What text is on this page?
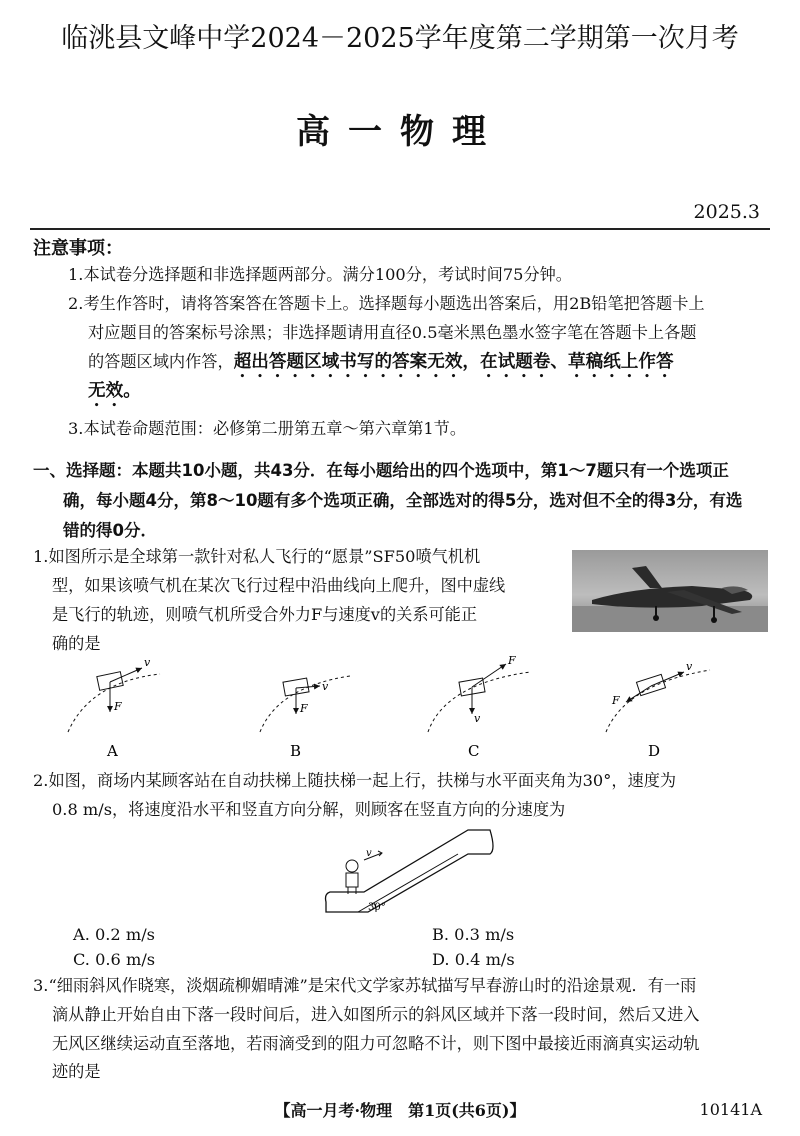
临洮县文峰中学2024－2025学年度第二学期第一次月考
高一物理
2025.3
注意事项：
1.本试卷分选择题和非选择题两部分。满分100分，考试时间75分钟。
2.考生作答时，请将答案答在答题卡上。选择题每小题选出答案后，用2B铅笔把答题卡上
对应题目的答案标号涂黑；非选择题请用直径0.5毫米黑色墨水签字笔在答题卡上各题
的答题区域内作答，超出答题区域书写的答案无效，在试题卷、草稿纸上作答
无效。
3.本试卷命题范围：必修第二册第五章～第六章第1节。
一、选择题：本题共10小题，共43分．在每小题给出的四个选项中，第1～7题只有一个选项正
确，每小题4分，第8～10题有多个选项正确，全部选对的得5分，选对但不全的得3分，有选
错的得0分．
1.如图所示是全球第一款针对私人飞行的“愿景”SF50喷气机机
型，如果该喷气机在某次飞行过程中沿曲线向上爬升，图中虚线
是飞行的轨迹，则喷气机所受合外力F与速度v的关系可能正
确的是
v
F
v
F
F
v
v
F
A	B	C	D
2.如图，商场内某顾客站在自动扶梯上随扶梯一起上行，扶梯与水平面夹角为30°，速度为
0.8 m/s，将速度沿水平和竖直方向分解，则顾客在竖直方向的分速度为
30°
v
A. 0.2 m/s	B. 0.3 m/s
C. 0.6 m/s	D. 0.4 m/s
3.“细雨斜风作晓寒，淡烟疏柳媚晴滩”是宋代文学家苏轼描写早春游山时的沿途景观．有一雨
滴从静止开始自由下落一段时间后，进入如图所示的斜风区域并下落一段时间，然后又进入
无风区继续运动直至落地，若雨滴受到的阻力可忽略不计，则下图中最接近雨滴真实运动轨
迹的是
【高一月考·物理　第1页(共6页)】	10141A
